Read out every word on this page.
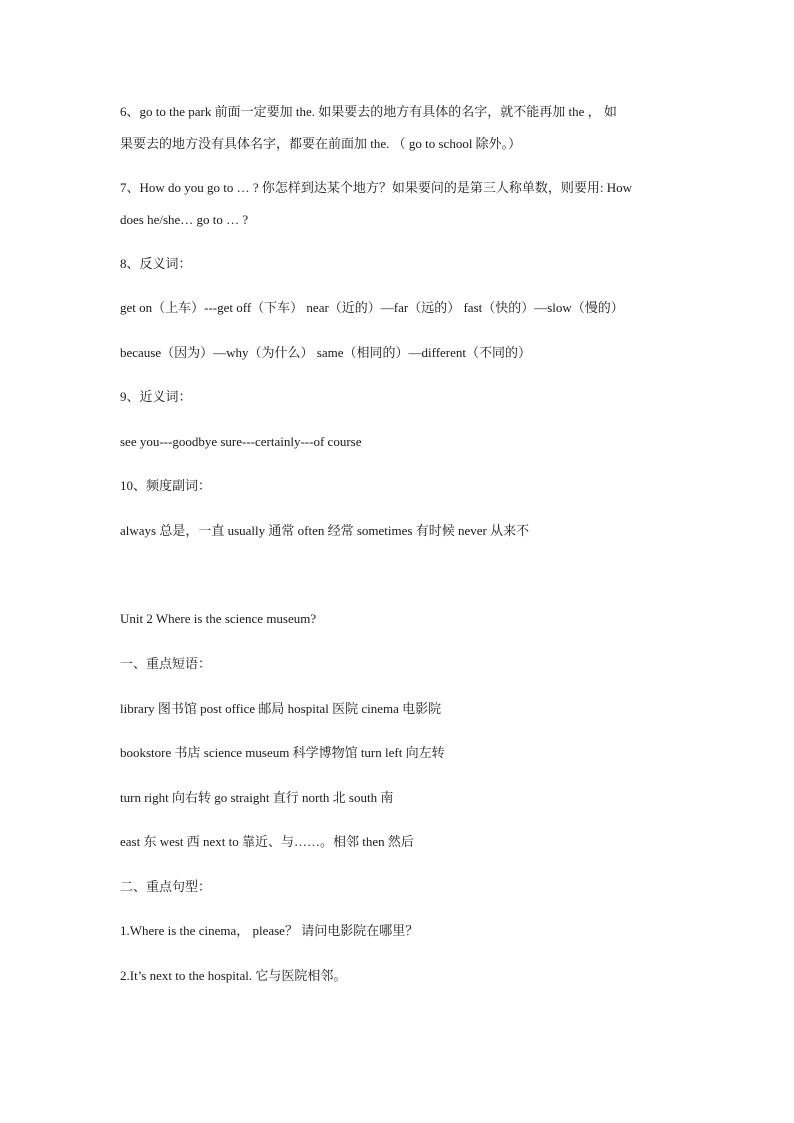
6、go to the park 前面一定要加 the. 如果要去的地方有具体的名字，就不能再加 the ， 如
果要去的地方没有具体名字，都要在前面加 the. （ go to school 除外。）
7、How do you go to … ? 你怎样到达某个地方？如果要问的是第三人称单数，则要用: How
does he/she… go to … ?
8、反义词：
get on（上车）---get off（下车） near（近的）—far（远的） fast（快的）—slow（慢的）
because（因为）—why（为什么） same（相同的）—different（不同的）
9、近义词：
see you---goodbye sure---certainly---of course
10、频度副词：
always 总是，一直 usually 通常 often 经常 sometimes 有时候 never 从来不
Unit 2 Where is the science museum?
一、重点短语：
library 图书馆 post office 邮局 hospital 医院 cinema 电影院
bookstore 书店 science museum 科学博物馆 turn left 向左转
turn right 向右转 go straight 直行 north 北 south 南
east 东 west 西 next to 靠近、与……。相邻 then 然后
二、重点句型：
1.Where is the cinema， please？ 请问电影院在哪里？
2.It’s next to the hospital. 它与医院相邻。
